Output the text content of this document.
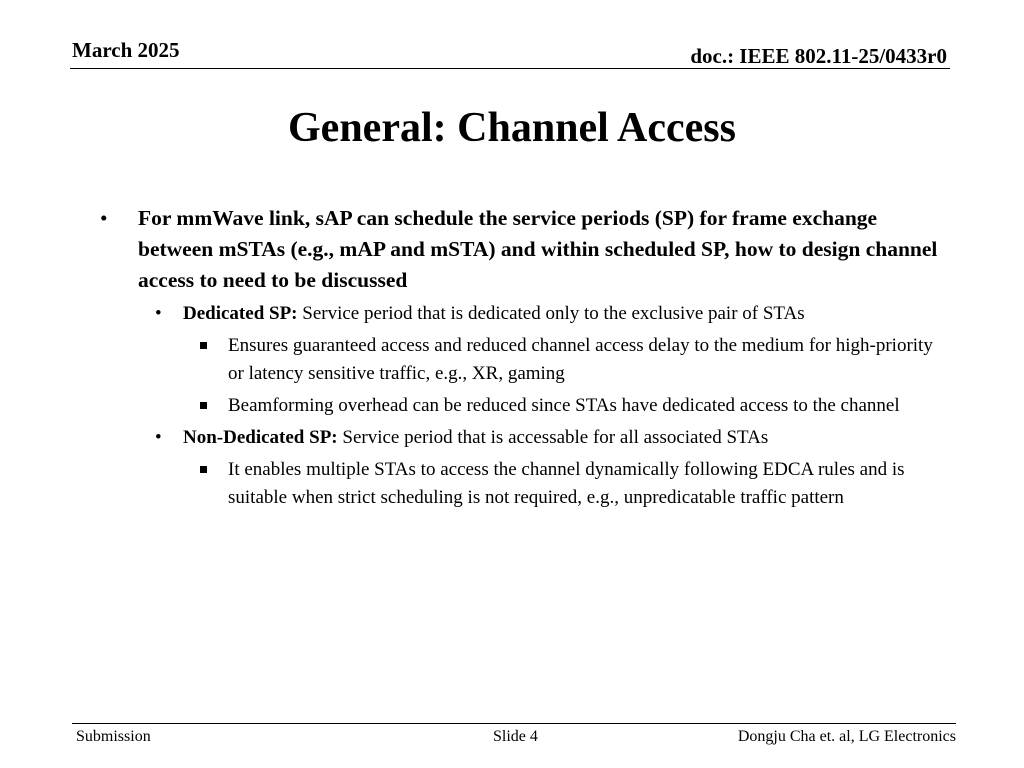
March 2025	doc.: IEEE 802.11-25/0433r0
General: Channel Access
• For mmWave link, sAP can schedule the service periods (SP) for frame exchange between mSTAs (e.g., mAP and mSTA) and within scheduled SP, how to design channel access to need to be discussed
• Dedicated SP: Service period that is dedicated only to the exclusive pair of STAs
Ensures guaranteed access and reduced channel access delay to the medium for high-priority or latency sensitive traffic, e.g., XR, gaming
Beamforming overhead can be reduced since STAs have dedicated access to the channel
• Non-Dedicated SP: Service period that is accessable for all associated STAs
It enables multiple STAs to access the channel dynamically following EDCA rules and is suitable when strict scheduling is not required, e.g., unpredicatable traffic pattern
Submission	Slide 4	Dongju Cha et. al, LG Electronics
